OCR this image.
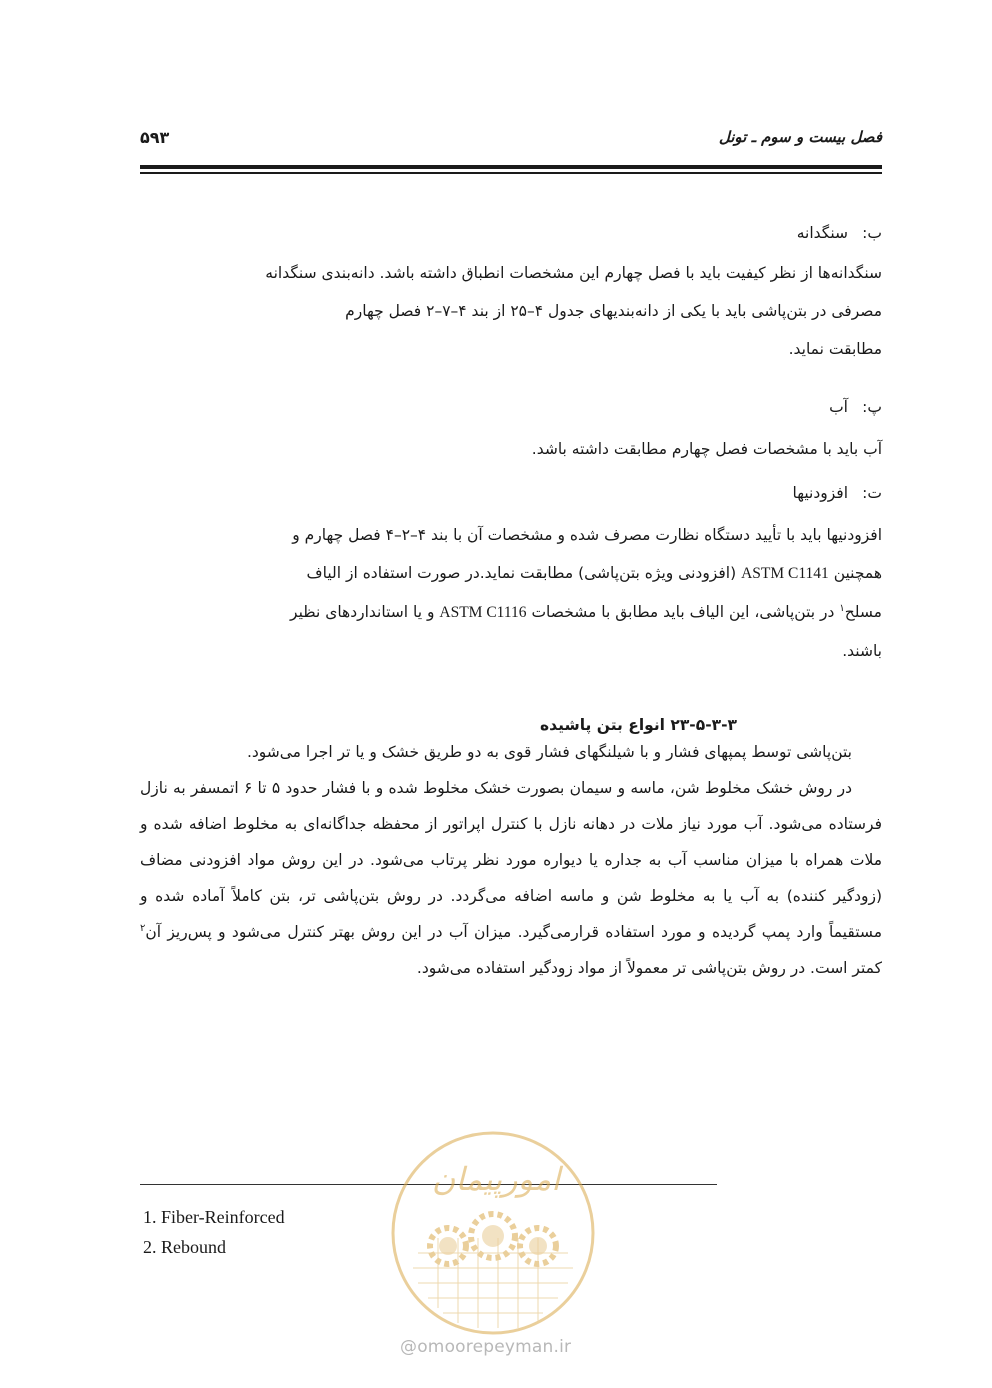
فصل بیست و سوم ـ تونل
۵۹۳
ب:سنگدانه
سنگدانه‌ها از نظر کیفیت باید با فصل چهارم این مشخصات انطباق داشته باشد. دانه‌بندی سنگدانه
مصرفی در بتن‌پاشی باید با یکی از دانه‌بندیهای جدول ۴–۲۵ از بند ۴–۷–۲ فصل چهارم
مطابقت نماید.
پ:آب
آب باید با مشخصات فصل چهارم مطابقت داشته باشد.
ت:افزودنیها
افزودنیها باید با تأیید دستگاه نظارت مصرف شده و مشخصات آن با بند ۴–۲–۴ فصل چهارم و
همچنین ASTM C1141 (افزودنی ویژه بتن‌پاشی) مطابقت نماید.در صورت استفاده از الیاف
مسلح$^۱$ در بتن‌پاشی، این الیاف باید مطابق با مشخصات ASTM C1116 و یا استانداردهای نظیر
باشند.
۲۳-۵-۳-۳ انواع بتن پاشیده

بتن‌پاشی توسط پمپهای فشار و با شیلنگهای فشار قوی به دو طریق خشک و یا تر اجرا می‌شود.

در روش خشک مخلوط شن، ماسه و سیمان بصورت خشک مخلوط شده و با فشار حدود ۵ تا ۶ اتمسفر به نازل فرستاده می‌شود. آب مورد نیاز ملات در دهانه نازل با کنترل اپراتور از محفظه جداگانه‌ای به مخلوط اضافه شده و ملات همراه با میزان مناسب آب به جداره یا دیواره مورد نظر پرتاب می‌شود. در این روش مواد افزودنی مضاف (زودگیر کننده) به آب یا به مخلوط شن و ماسه اضافه می‌گردد. در روش بتن‌پاشی تر، بتن کاملاً آماده شده و مستقیماً وارد پمپ گردیده و مورد استفاده قرارمی‌گیرد. میزان آب در این روش بهتر کنترل می‌شود و پس‌ریز آن$^۲$ کمتر است. در روش بتن‌پاشی تر معمولاً از مواد زودگیر استفاده می‌شود.

1. Fiber-Reinforced
2. Rebound
امورپیمان
@omoorepeyman.ir
